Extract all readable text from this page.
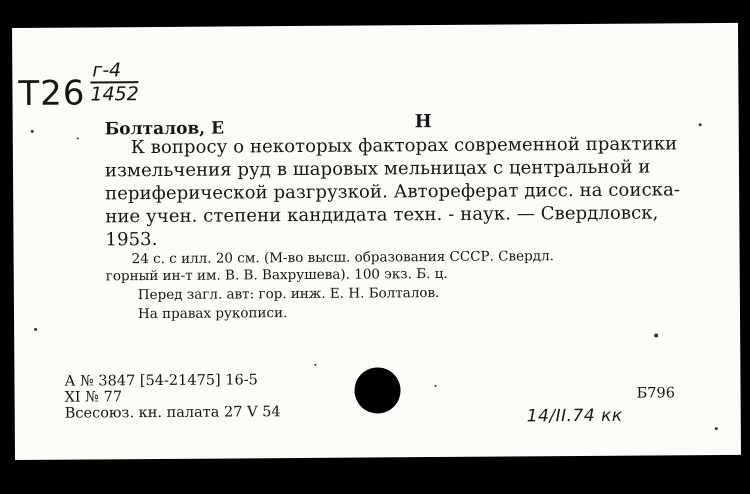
Т26
г-4
1452
Болталов, Е	Н
К вопросу о некоторых факторах современной практики
измельчения руд в шаровых мельницах с центральной и
периферической разгрузкой. Автореферат дисс. на соиска-
ние учен. степени кандидата техн. - наук. — Свердловск,
1953.
24 с. с илл. 20 см. (М-во высш. образования СССР. Свердл.
горный ин-т им. В. В. Вахрушева). 100 экз. Б. ц.
Перед загл. авт: гор. инж. Е. Н. Болталов.
На правах рукописи.
А № 3847 [54-21475] 16-5
XI № 77
Всесоюз. кн. палата 27 V 54
Б796
14/II.74 кк
